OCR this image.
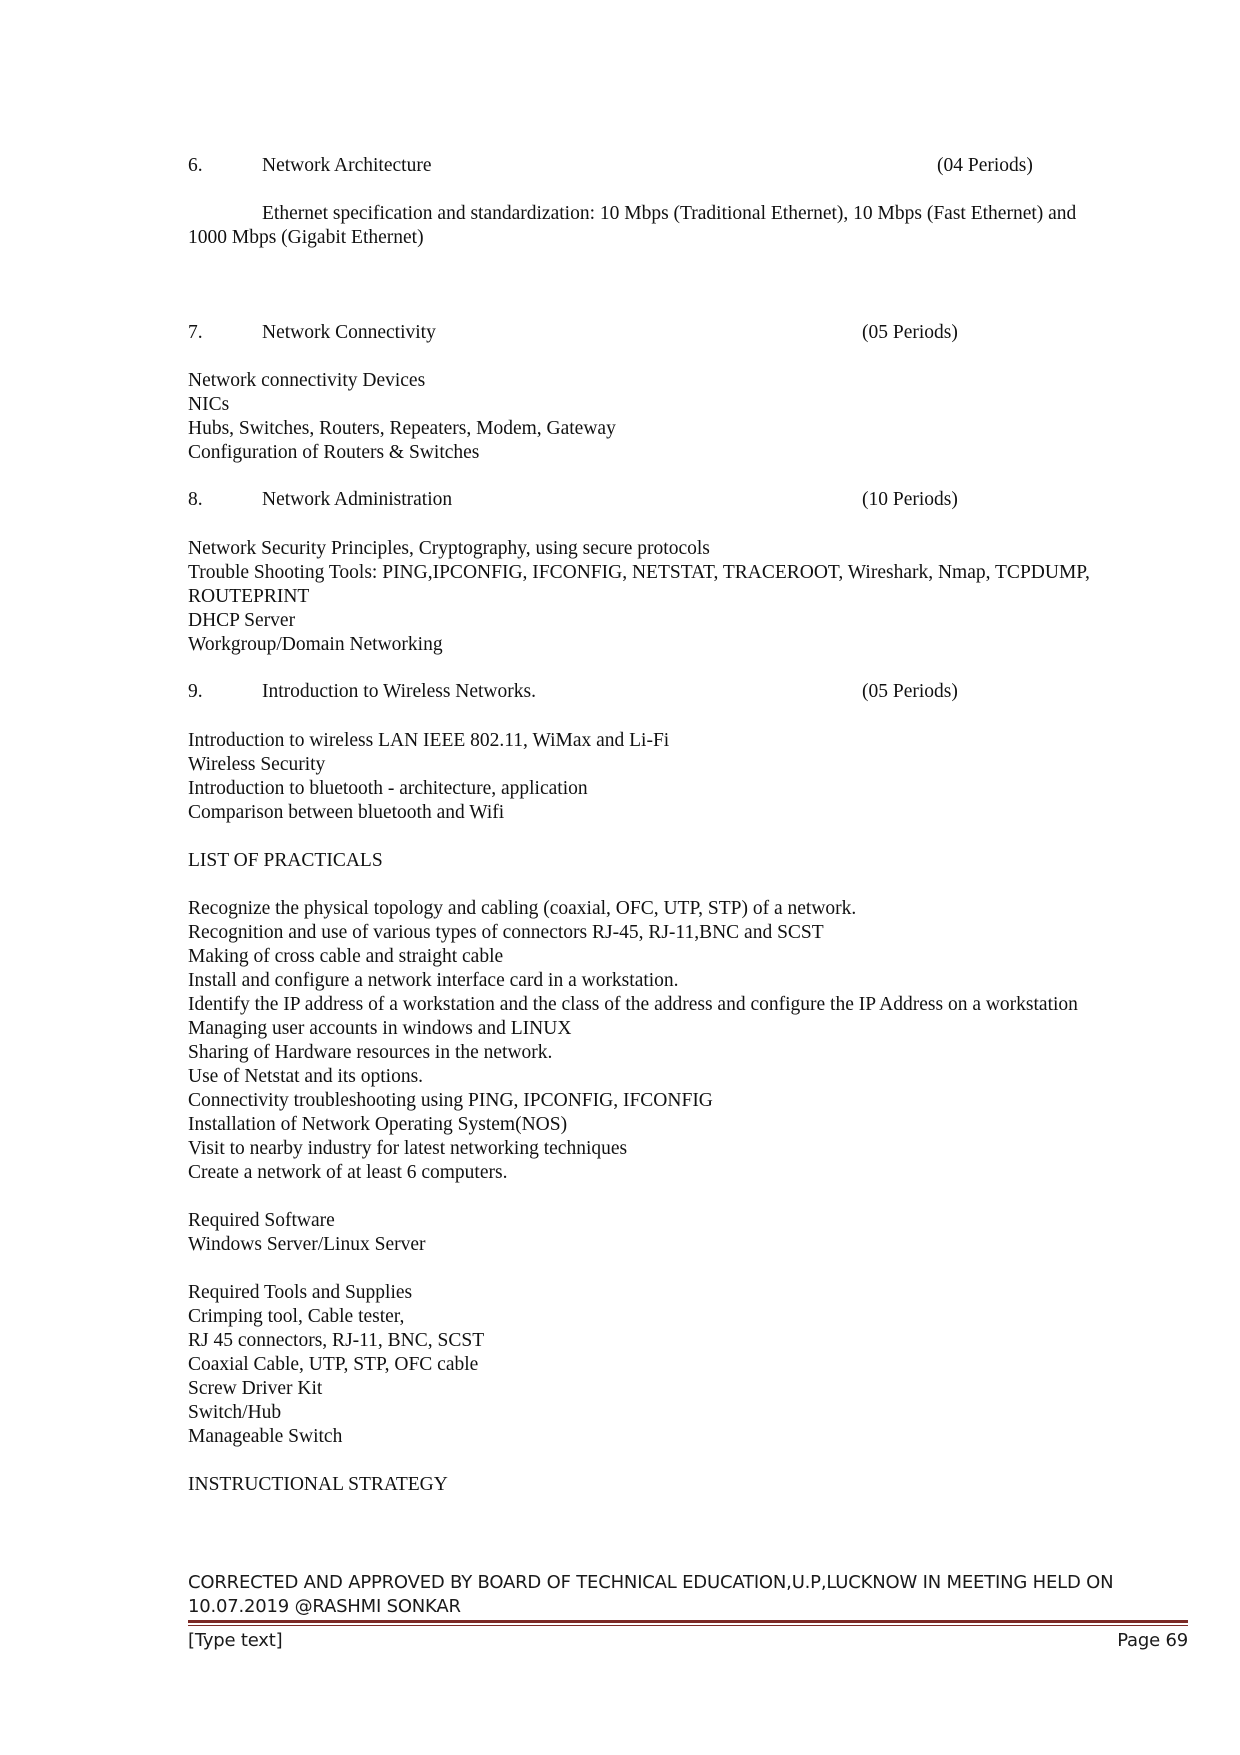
6.	Network Architecture	(04 Periods)
Ethernet specification and standardization: 10 Mbps (Traditional Ethernet), 10 Mbps (Fast Ethernet) and
1000 Mbps (Gigabit Ethernet)
7.	Network Connectivity	(05 Periods)
Network connectivity Devices
NICs
Hubs, Switches, Routers, Repeaters, Modem, Gateway
Configuration of Routers & Switches
8.	Network Administration	(10 Periods)
Network Security Principles, Cryptography, using secure protocols
Trouble Shooting Tools: PING,IPCONFIG, IFCONFIG, NETSTAT, TRACEROOT, Wireshark, Nmap, TCPDUMP,
ROUTEPRINT
DHCP Server
Workgroup/Domain Networking
9.	Introduction to Wireless Networks.	(05 Periods)
Introduction to wireless LAN IEEE 802.11, WiMax and Li-Fi
Wireless Security
Introduction to bluetooth - architecture, application
Comparison between bluetooth and Wifi
LIST OF PRACTICALS
Recognize the physical topology and cabling (coaxial, OFC, UTP, STP) of a network.
Recognition and use of various types of connectors RJ-45, RJ-11,BNC and SCST
Making of cross cable and straight cable
Install and configure a network interface card in a workstation.
Identify the IP address of a workstation and the class of the address and configure the IP Address on a workstation
Managing user accounts in windows and LINUX
Sharing of Hardware resources in the network.
Use of Netstat and its options.
Connectivity troubleshooting using PING, IPCONFIG, IFCONFIG
Installation of Network Operating System(NOS)
Visit to nearby industry for latest networking techniques
Create a network of at least 6 computers.
Required Software
Windows Server/Linux Server
Required Tools and Supplies
Crimping tool, Cable tester,
RJ 45 connectors, RJ-11, BNC, SCST
Coaxial Cable, UTP, STP, OFC cable
Screw Driver Kit
Switch/Hub
Manageable Switch
INSTRUCTIONAL STRATEGY
CORRECTED AND APPROVED BY BOARD OF TECHNICAL EDUCATION,U.P,LUCKNOW IN MEETING HELD ON
10.07.2019 @RASHMI SONKAR
[Type text]	Page 69
